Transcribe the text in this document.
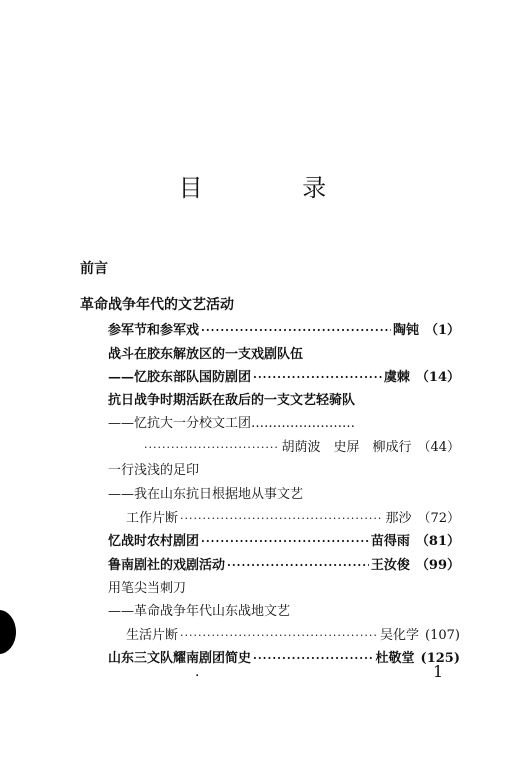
目 录
前言
革命战争年代的文艺活动
参军节和参军戏 ·····	陶钝 （1）
战斗在胶东解放区的一支戏剧队伍
——忆胶东部队国防剧团 ·····	虞棘 （14）
抗日战争时期活跃在敌后的一支文艺轻骑队
——忆抗大一分校文工团……………………
·····
胡荫波　史屏　柳成行 （44）
一行浅浅的足印
——我在山东抗日根据地从事文艺
工作片断 ·····	那沙 （72）
忆战时农村剧团 ·····	苗得雨 （81）
鲁南剧社的戏剧活动 ·····	王汝俊 （99）
用笔尖当刺刀
——革命战争年代山东战地文艺
生活片断 ·····	吴化学 (107)
山东三文队耀南剧团简史 ·····	杜敬堂 (125)
·	1
